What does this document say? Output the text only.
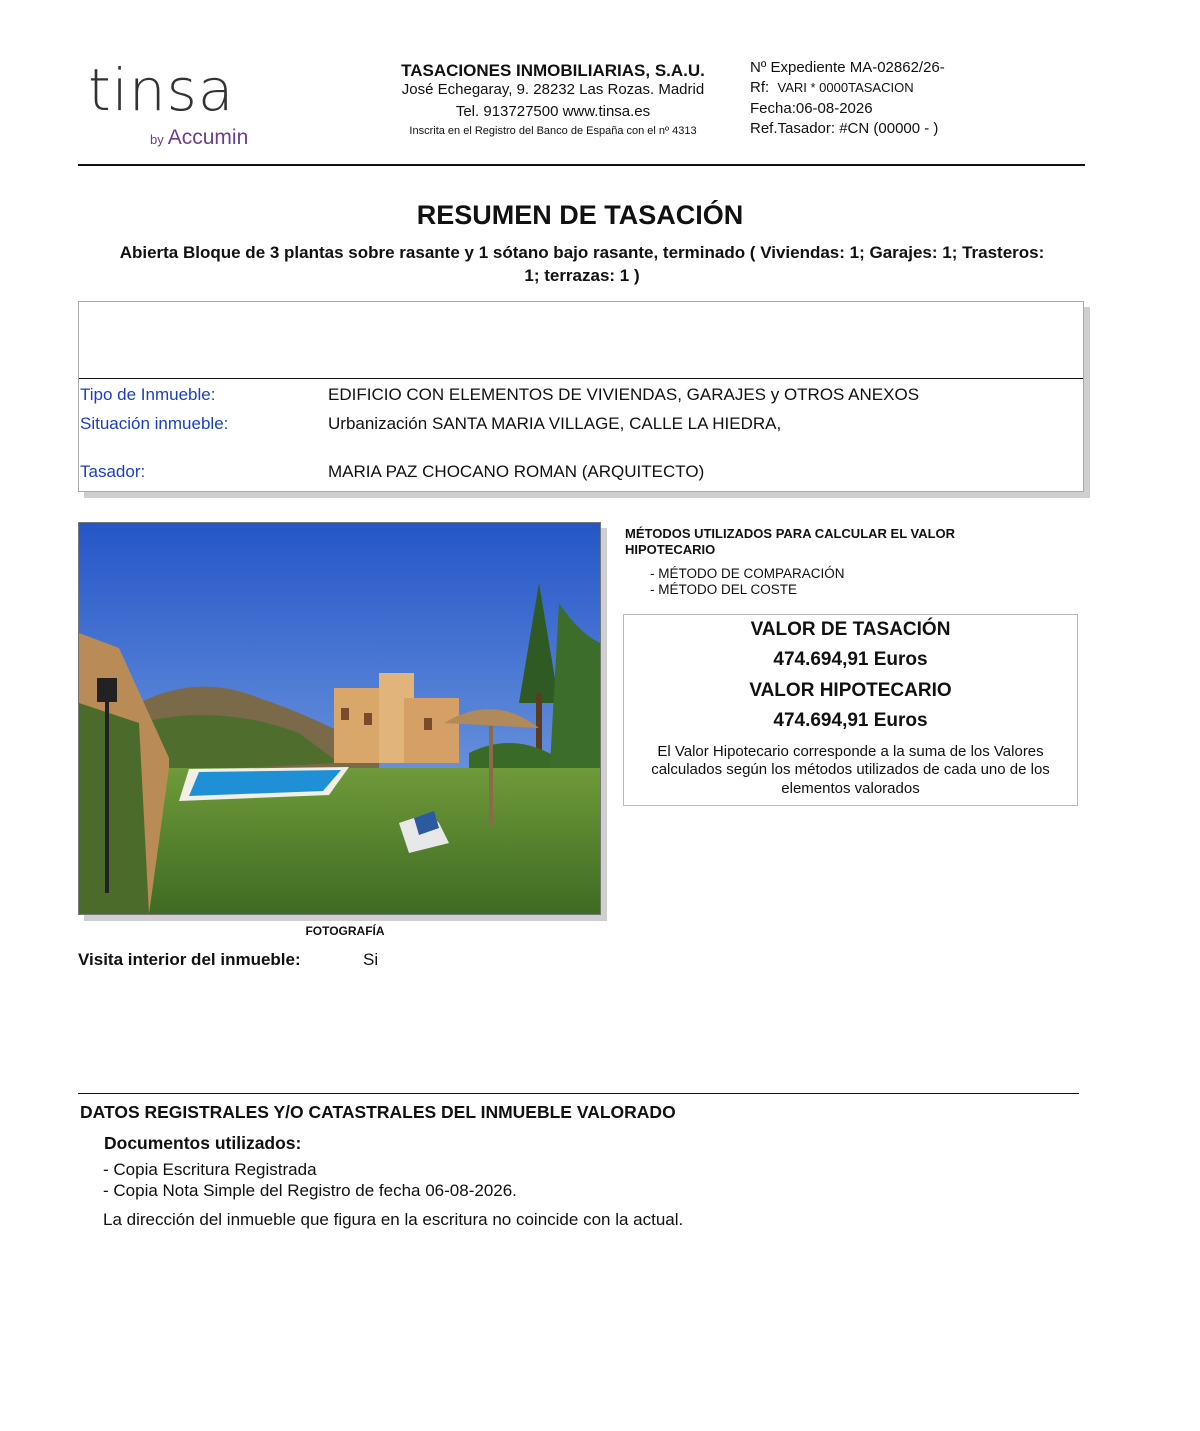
tinsa
by Accumin
TASACIONES INMOBILIARIAS, S.A.U.
José Echegaray, 9. 28232 Las Rozas. Madrid
Tel. 913727500 www.tinsa.es
Inscrita en el Registro del Banco de España con el nº 4313
Nº Expediente MA-02862/26-
Rf: VARI * 0000TASACION
Fecha:06-08-2026
Ref.Tasador: #CN (00000 - )
RESUMEN DE TASACIÓN
Abierta Bloque de 3 plantas sobre rasante y 1 sótano bajo rasante, terminado ( Viviendas: 1; Garajes: 1; Trasteros: 1; terrazas: 1 )
Tipo de Inmueble:	EDIFICIO CON ELEMENTOS DE VIVIENDAS, GARAJES y OTROS ANEXOS
Situación inmueble:	Urbanización SANTA MARIA VILLAGE, CALLE LA HIEDRA,
Tasador:	MARIA PAZ CHOCANO ROMAN (ARQUITECTO)
FOTOGRAFÍA
Visita interior del inmueble:	Si
MÉTODOS UTILIZADOS PARA CALCULAR EL VALOR HIPOTECARIO
- MÉTODO DE COMPARACIÓN
- MÉTODO DEL COSTE
VALOR DE TASACIÓN
474.694,91 Euros
VALOR HIPOTECARIO
474.694,91 Euros
El Valor Hipotecario corresponde a la suma de los Valores calculados según los métodos utilizados de cada uno de los elementos valorados
DATOS REGISTRALES Y/O CATASTRALES DEL INMUEBLE VALORADO
Documentos utilizados:
- Copia Escritura Registrada
- Copia Nota Simple del Registro de fecha 06-08-2026.
La dirección del inmueble que figura en la escritura no coincide con la actual.
